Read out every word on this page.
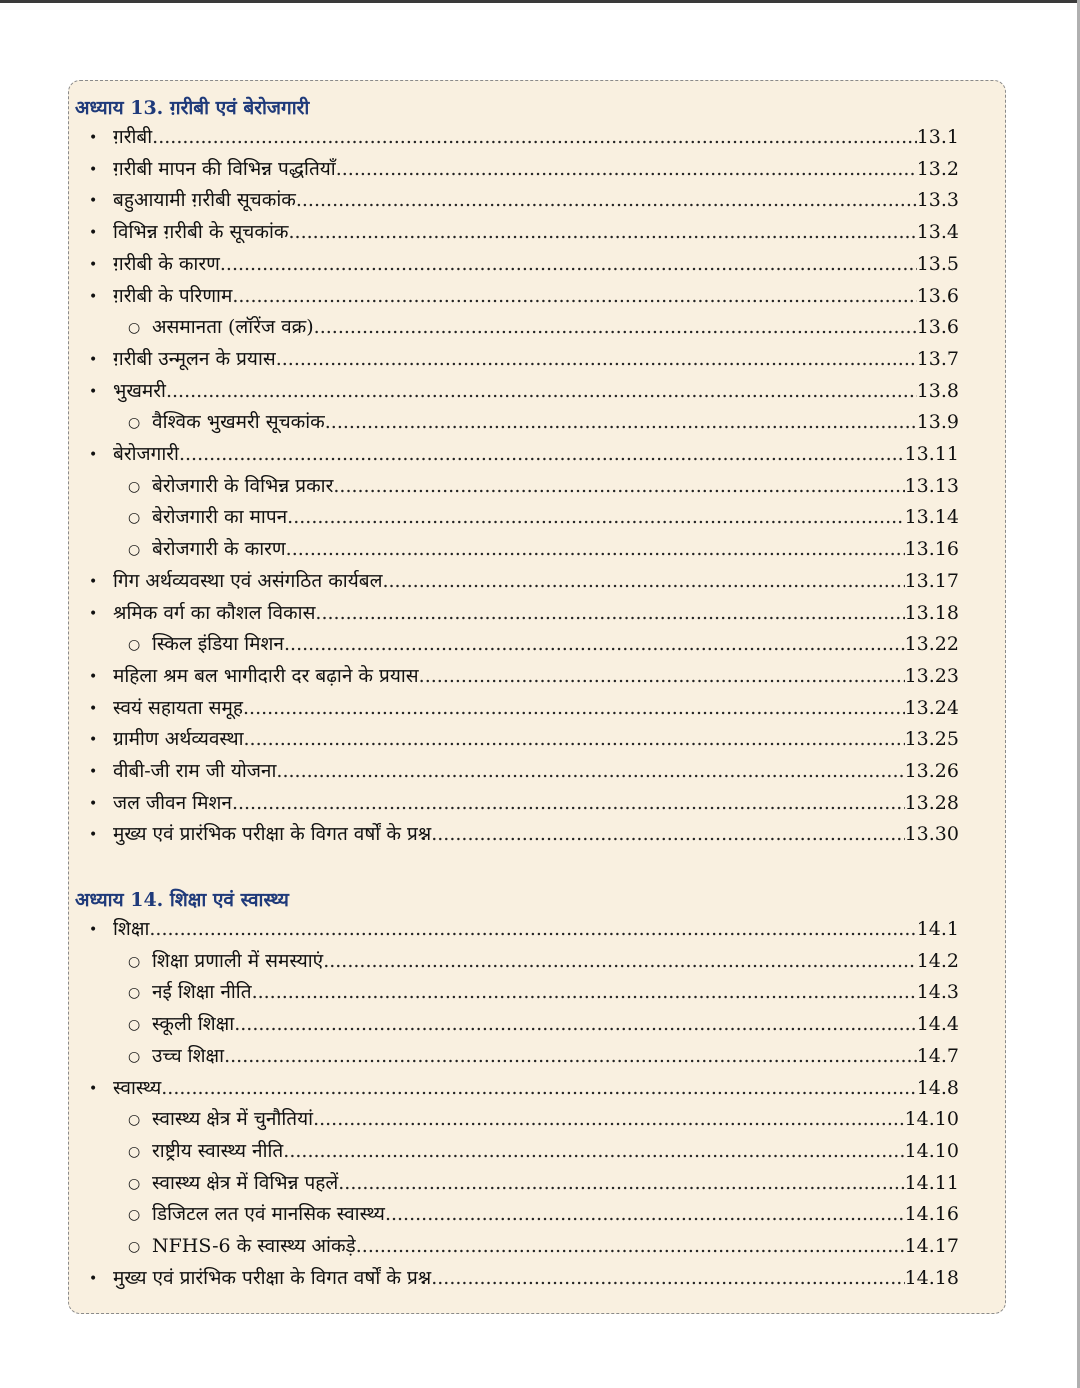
अध्याय 13. ग़रीबी एवं बेरोजगारी
• ग़रीबी .....	13.1
• ग़रीबी मापन की विभिन्न पद्धतियाँ .....	13.2
• बहुआयामी ग़रीबी सूचकांक .....	13.3
• विभिन्न ग़रीबी के सूचकांक .....	13.4
• ग़रीबी के कारण .....	13.5
• ग़रीबी के परिणाम .....	13.6
○ असमानता (लॉरेंज वक्र) .....	13.6
• ग़रीबी उन्मूलन के प्रयास .....	13.7
• भुखमरी .....	13.8
○ वैश्विक भुखमरी सूचकांक .....	13.9
• बेरोजगारी .....	13.11
○ बेरोजगारी के विभिन्न प्रकार .....	13.13
○ बेरोजगारी का मापन .....	13.14
○ बेरोजगारी के कारण .....	13.16
• गिग अर्थव्यवस्था एवं असंगठित कार्यबल .....	13.17
• श्रमिक वर्ग का कौशल विकास .....	13.18
○ स्किल इंडिया मिशन .....	13.22
• महिला श्रम बल भागीदारी दर बढ़ाने के प्रयास .....	13.23
• स्वयं सहायता समूह .....	13.24
• ग्रामीण अर्थव्यवस्था .....	13.25
• वीबी-जी राम जी योजना .....	13.26
• जल जीवन मिशन .....	13.28
• मुख्य एवं प्रारंभिक परीक्षा के विगत वर्षों के प्रश्न .....	13.30
अध्याय 14. शिक्षा एवं स्वास्थ्य
• शिक्षा .....	14.1
○ शिक्षा प्रणाली में समस्याएं .....	14.2
○ नई शिक्षा नीति .....	14.3
○ स्कूली शिक्षा .....	14.4
○ उच्च शिक्षा .....	14.7
• स्वास्थ्य .....	14.8
○ स्वास्थ्य क्षेत्र में चुनौतियां .....	14.10
○ राष्ट्रीय स्वास्थ्य नीति .....	14.10
○ स्वास्थ्य क्षेत्र में विभिन्न पहलें .....	14.11
○ डिजिटल लत एवं मानसिक स्वास्थ्य .....	14.16
○ NFHS-6 के स्वास्थ्य आंकड़े .....	14.17
• मुख्य एवं प्रारंभिक परीक्षा के विगत वर्षों के प्रश्न .....	14.18
